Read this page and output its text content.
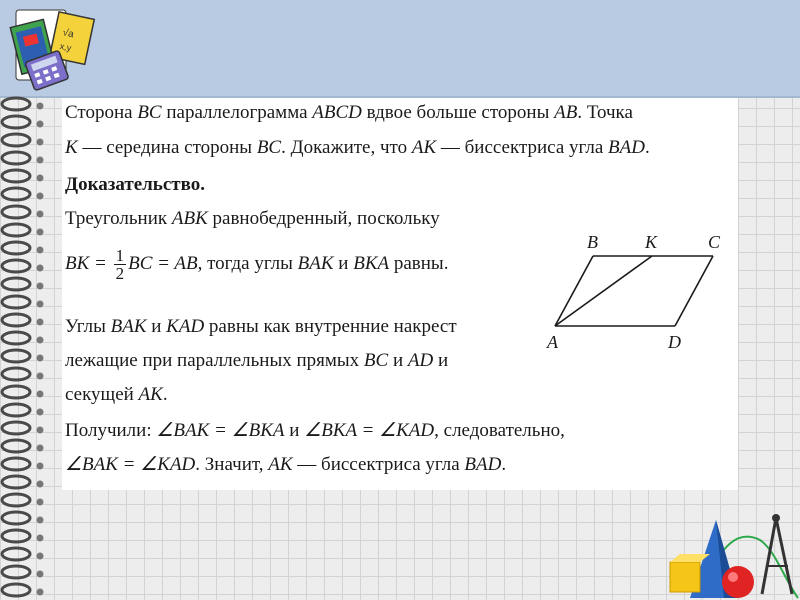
√a
x,y

Сторона BC параллелограмма ABCD вдвое больше стороны AB. Точка

K — середина стороны BC. Докажите, что AK — биссектриса угла BAD.

Доказательство.

Треугольник ABK равнобедренный, поскольку

BK = $\frac{1}{2}$ BC = AB, тогда углы BAK и BKA равны.

Углы BAK и KAD равны как внутренние накрест

лежащие при параллельных прямых BC и AD и

секущей AK.

Получили: ∠BAK = ∠BKA и ∠BKA = ∠KAD, следовательно,

∠BAK = ∠KAD. Значит, AK — биссектриса угла BAD.

B	K	C
A	D
